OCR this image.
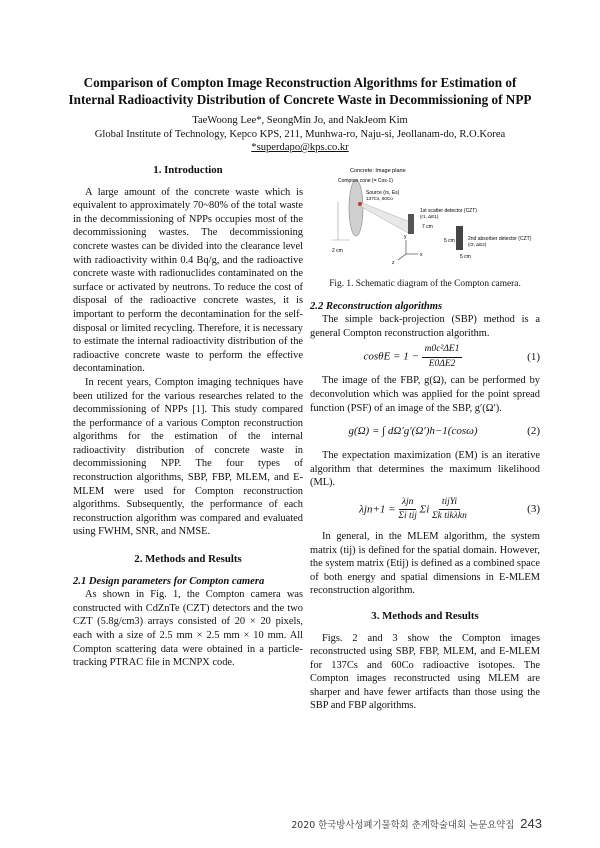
Comparison of Compton Image Reconstruction Algorithms for Estimation of
Internal Radioactivity Distribution of Concrete Waste in Decommissioning of NPP
TaeWoong Lee*, SeongMin Jo, and NakJeom Kim
Global Institute of Technology, Kepco KPS, 211, Munhwa-ro, Naju-si, Jeollanam-do, R.O.Korea
*superdapo@kps.co.kr
1. Introduction

A large amount of the concrete waste which is equivalent to approximately 70~80% of the total waste in the decommissioning of NPPs occupies most of the decommissioning wastes. The decommissioning concrete wastes can be divided into the clearance level with radioactivity within 0.4 Bq/g, and the radioactive concrete waste with radionuclides contaminated on the surface or activated by neutrons. To reduce the cost of disposal of the radioactive concrete wastes, it is important to perform the decontamination for the self-disposal or limited recycling. Therefore, it is necessary to estimate the internal radioactivity distribution of the radioactive concrete waste to perform the effective decontamination.

In recent years, Compton imaging techniques have been utilized for the various researches related to the decommissioning of NPPs [1]. This study compared the performance of a various Compton reconstruction algorithms for the estimation of the internal radioactivity distribution of concrete waste in decommissioning NPP. The four types of reconstruction algorithms, SBP, FBP, MLEM, and E-MLEM were used for Compton reconstruction algorithms. Subsequently, the performance of each reconstruction algorithm was compared and evaluated using FWHM, SNR, and NMSE.

2. Methods and Results
2.1 Design parameters for Compton camera

As shown in Fig. 1, the Compton camera was constructed with CdZnTe (CZT) detectors and the two CZT (5.8g/cm3) arrays consisted of 20 × 20 pixels, each with a size of 2.5 mm × 2.5 mm × 10 mm. All Compton scattering data were obtained in a particle-tracking PTRAC file in MCNPX code.

Concrete: Image plane
Compton cone (= Cos-1)
Source (rs, Es)
137Cs, 60Co
1st scatter detector (CZT)
(r1, ΔE1)
7 cm
2nd absorber detector (CZT)
(r2, ΔE2)
5 cm
5 cm
2 cm
x
y
z
Fig. 1. Schematic diagram of the Compton camera.
2.2 Reconstruction algorithms

The simple back-projection (SBP) method is a general Compton reconstruction algorithm.

$\cos\theta E = 1 - \frac{\text{m0c²ΔE1}}{E0\Delta E2}$	(1)

The image of the FBP, g(Ω), can be performed by deconvolution which was applied for the point spread function (PSF) of an image of the SBP, g′(Ω′).

g(Ω) = ∫ dΩ′g′(Ω′)h−1(cosω)	(2)

The expectation maximization (EM) is an iterative algorithm that determines the maximum likelihood (ML).

$\lambda jn+1 = \frac{\text{λjn}}{\text{Σi tij}}$ Σi $\frac{\text{tijYi}}{\text{Σk tikλkn}}$	(3)

In general, in the MLEM algorithm, the system matrix (tij) is defined for the spatial domain. However, the system matrix (Etij) is defined as a combined space of both energy and spatial dimensions in E-MLEM reconstruction algorithm.

3. Methods and Results

Figs. 2 and 3 show the Compton images reconstructed using SBP, FBP, MLEM, and E-MLEM for 137Cs and 60Co radioactive isotopes. The Compton images reconstructed using MLEM are sharper and have fewer artifacts than those using the SBP and FBP algorithms.

2020 한국방사성폐기물학회 춘계학술대회 논문요약집 243
